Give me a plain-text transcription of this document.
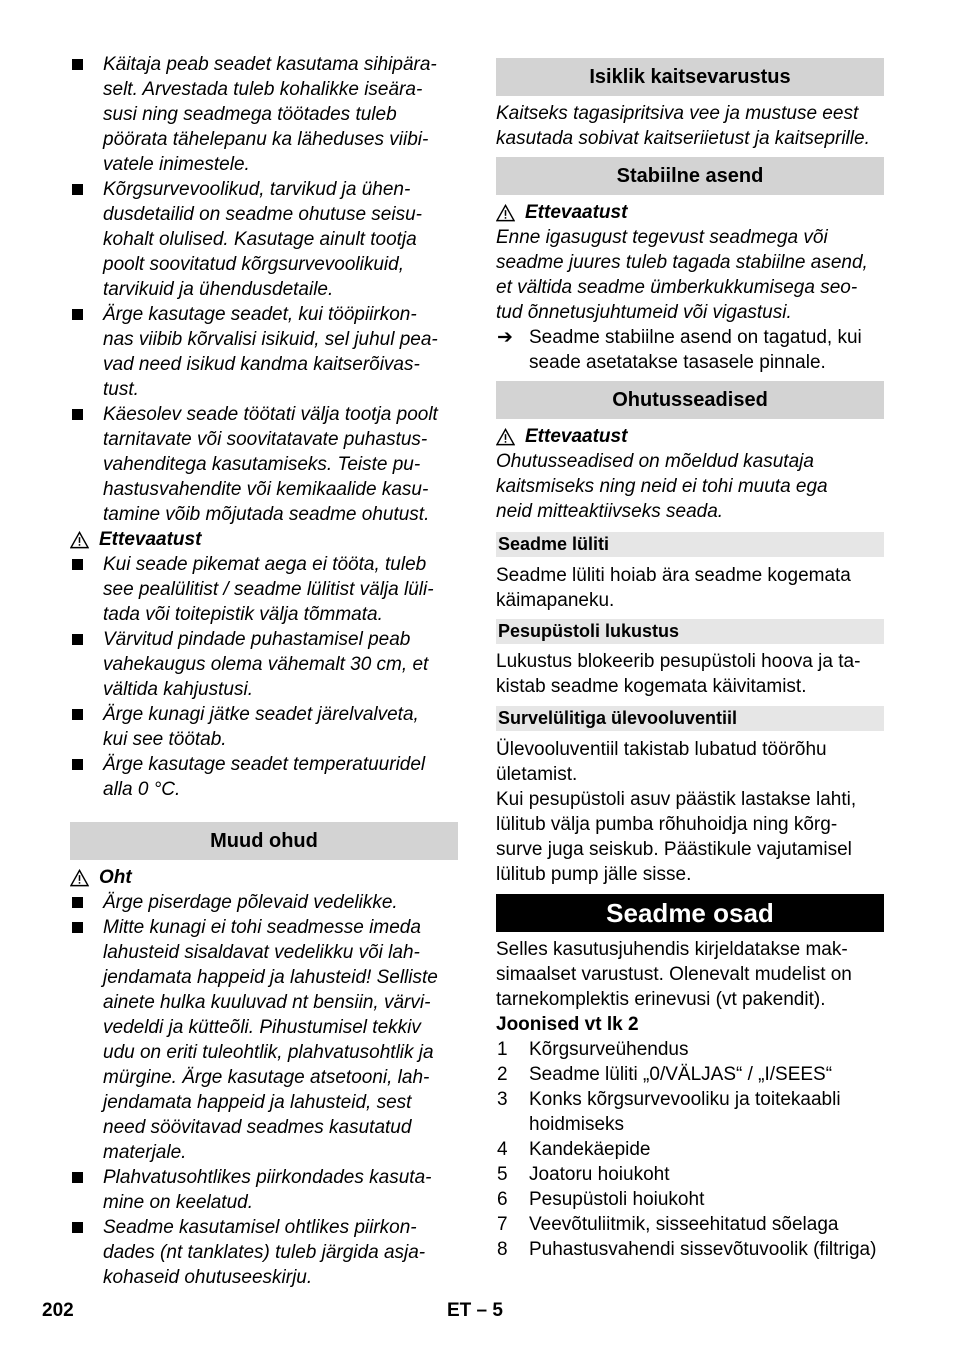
Käitaja peab seadet kasutama sihipära-
selt. Arvestada tuleb kohalikke iseära-
susi ning seadmega töötades tuleb
pöörata tähelepanu ka läheduses viibi-
vatele inimestele.
Kõrgsurvevoolikud, tarvikud ja ühen-
dusdetailid on seadme ohutuse seisu-
kohalt olulised. Kasutage ainult tootja
poolt soovitatud kõrgsurvevoolikuid,
tarvikuid ja ühendusdetaile.
Ärge kasutage seadet, kui tööpiirkon-
nas viibib kõrvalisi isikuid, sel juhul pea-
vad need isikud kandma kaitserõivas-
tust.
Käesolev seade töötati välja tootja poolt
tarnitavate või soovitatavate puhastus-
vahenditega kasutamiseks. Teiste pu-
hastusvahendite või kemikaalide kasu-
tamine võib mõjutada seadme ohutust.
Ettevaatust
Kui seade pikemat aega ei tööta, tuleb
see pealülitist / seadme lülitist välja lüli-
tada või toitepistik välja tõmmata.
Värvitud pindade puhastamisel peab
vahekaugus olema vähemalt 30 cm, et
vältida kahjustusi.
Ärge kunagi jätke seadet järelvalveta,
kui see töötab.
Ärge kasutage seadet temperatuuridel
alla 0 °C.
Muud ohud
Oht
Ärge piserdage põlevaid vedelikke.
Mitte kunagi ei tohi seadmesse imeda
lahusteid sisaldavat vedelikku või lah-
jendamata happeid ja lahusteid! Selliste
ainete hulka kuuluvad nt bensiin, värvi-
vedeldi ja kütteõli. Pihustumisel tekkiv
udu on eriti tuleohtlik, plahvatusohtlik ja
mürgine. Ärge kasutage atsetooni, lah-
jendamata happeid ja lahusteid, sest
need söövitavad seadmes kasutatud
materjale.
Plahvatusohtlikes piirkondades kasuta-
mine on keelatud.
Seadme kasutamisel ohtlikes piirkon-
dades (nt tanklates) tuleb järgida asja-
kohaseid ohutuseeskirju.
Isiklik kaitsevarustus
Kaitseks tagasipritsiva vee ja mustuse eest
kasutada sobivat kaitseriietust ja kaitseprille.
Stabiilne asend
Ettevaatust
Enne igasugust tegevust seadmega või
seadme juures tuleb tagada stabiilne asend,
et vältida seadme ümberkukkumisega seo-
tud õnnetusjuhtumeid või vigastusi.
➔ Seadme stabiilne asend on tagatud, kui
seade asetatakse tasasele pinnale.
Ohutusseadised
Ettevaatust
Ohutusseadised on mõeldud kasutaja
kaitsmiseks ning neid ei tohi muuta ega
neid mitteaktiivseks seada.
Seadme lüliti
Seadme lüliti hoiab ära seadme kogemata
käimapaneku.
Pesupüstoli lukustus
Lukustus blokeerib pesupüstoli hoova ja ta-
kistab seadme kogemata käivitamist.
Survelülitiga ülevooluventiil
Ülevooluventiil takistab lubatud töörõhu
ületamist.
Kui pesupüstoli asuv päästik lastakse lahti,
lülitub välja pumba rõhuhoidja ning kõrg-
surve juga seiskub. Päästikule vajutamisel
lülitub pump jälle sisse.
Seadme osad
Selles kasutusjuhendis kirjeldatakse mak-
simaalset varustust. Olenevalt mudelist on
tarnekomplektis erinevusi (vt pakendit).
Joonised vt lk 2
1 Kõrgsurveühendus
2 Seadme lüliti „0/VÄLJAS“ / „I/SEES“
3 Konks kõrgsurvevooliku ja toitekaabli
hoidmiseks
4 Kandekäepide
5 Joatoru hoiukoht
6 Pesupüstoli hoiukoht
7 Veevõtuliitmik, sisseehitatud sõelaga
8 Puhastusvahendi sissevõtuvoolik (filtriga)
202	ET – 5
